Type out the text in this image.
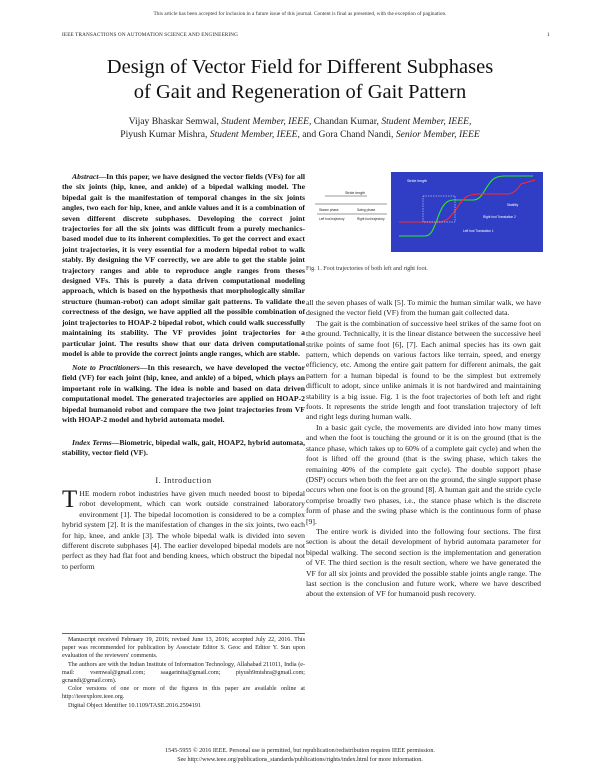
This article has been accepted for inclusion in a future issue of this journal. Content is final as presented, with the exception of pagination.
IEEE TRANSACTIONS ON AUTOMATION SCIENCE AND ENGINEERING	1
Design of Vector Field for Different Subphases
of Gait and Regeneration of Gait Pattern
Vijay Bhaskar Semwal, Student Member, IEEE, Chandan Kumar, Student Member, IEEE,
Piyush Kumar Mishra, Student Member, IEEE, and Gora Chand Nandi, Senior Member, IEEE

Abstract—In this paper, we have designed the vector fields (VFs) for all the six joints (hip, knee, and ankle) of a bipedal walking model. The bipedal gait is the manifestation of temporal changes in the six joints angles, two each for hip, knee, and ankle values and it is a combination of seven different discrete subphases. Developing the correct joint trajectories for all the six joints was difficult from a purely mechanics-based model due to its inherent complexities. To get the correct and exact joint trajectories, it is very essential for a modern bipedal robot to walk stably. By designing the VF correctly, we are able to get the stable joint trajectory ranges and able to reproduce angle ranges from theses designed VFs. This is purely a data driven computational modeling approach, which is based on the hypothesis that morphologically similar structure (human-robot) can adopt similar gait patterns. To validate the correctness of the design, we have applied all the possible combination of joint trajectories to HOAP-2 bipedal robot, which could walk successfully maintaining its stability. The VF provides joint trajectories for a particular joint. The results show that our data driven computational model is able to provide the correct joints angle ranges, which are stable.

Note to Practitioners—In this research, we have developed the vector field (VF) for each joint (hip, knee, and ankle) of a biped, which plays an important role in walking. The idea is noble and based on data driven computational model. The generated trajectories are applied on HOAP-2 bipedal humanoid robot and compare the two joint trajectories from VF with HOAP-2 model and hybrid automata model.

Index Terms—Biometric, bipedal walk, gait, HOAP2, hybrid automata, stability, vector field (VF).

I. Introduction

THE modern robot industries have given much needed boost to bipedal robot development, which can work outside constrained laboratory environment [1]. The bipedal locomotion is considered to be a complex hybrid system [2]. It is the manifestation of changes in the six joints, two each for hip, knee, and ankle [3]. The whole bipedal walk is divided into seven different discrete subphases [4]. The earlier developed bipedal models are not perfect as they had flat foot and bending knees, which obstruct the bipedal not to perform

Manuscript received February 19, 2016; revised June 13, 2016; accepted July 22, 2016. This paper was recommended for publication by Associate Editor S. Geoc and Editor Y. Sun upon evaluation of the reviewers' comments.

The authors are with the Indian Institute of Information Technology, Allahabad 211011, India (e-mail: vsemwal@gmail.com; saagarinita@gmail.com; piyush9mishra@gmail.com; gcnandi@gmail.com).

Color versions of one or more of the figures in this paper are available online at http://ieeexplore.ieee.org.

Digital Object Identifier 10.1109/TASE.2016.2594191

Stride length
Stance phase	Swing phase
Right foot trajectory
Left foot trajectory
Stride length
Stability
Right foot Translation 2
Left foot Translation 1
Fig. 1. Foot trajectories of both left and right foot.

all the seven phases of walk [5]. To mimic the human similar walk, we have designed the vector field (VF) from the human gait collected data.

The gait is the combination of successive heel strikes of the same foot on the ground. Technically, it is the linear distance between the successive heel strike points of same foot [6], [7]. Each animal species has its own gait pattern, which depends on various factors like terrain, speed, and energy efficiency, etc. Among the entire gait pattern for different animals, the gait pattern for a human bipedal is found to be the simplest but extremely difficult to adopt, since unlike animals it is not hardwired and maintaining stability is a big issue. Fig. 1 is the foot trajectories of both left and right foots. It represents the stride length and foot translation trajectory of left and right legs during human walk.

In a basic gait cycle, the movements are divided into how many times and when the foot is touching the ground or it is on the ground (that is the stance phase, which takes up to 60% of a complete gait cycle) and when the foot is lifted off the ground (that is the swing phase, which takes the remaining 40% of the complete gait cycle). The double support phase (DSP) occurs when both the feet are on the ground, the single support phase occurs when one foot is on the ground [8]. A human gait and the stride cycle comprise broadly two phases, i.e., the stance phase which is the discrete form of phase and the swing phase which is the continuous form of phase [9].

The entire work is divided into the following four sections. The first section is about the detail development of hybrid automata parameter for bipedal walking. The second section is the implementation and generation of VF. The third section is the result section, where we have generated the VF for all six joints and provided the possible stable joints angle range. The last section is the conclusion and future work, where we have described about the extension of VF for humanoid push recovery.

1545-5955 © 2016 IEEE. Personal use is permitted, but republication/redistribution requires IEEE permission.
See http://www.ieee.org/publications_standards/publications/rights/index.html for more information.
